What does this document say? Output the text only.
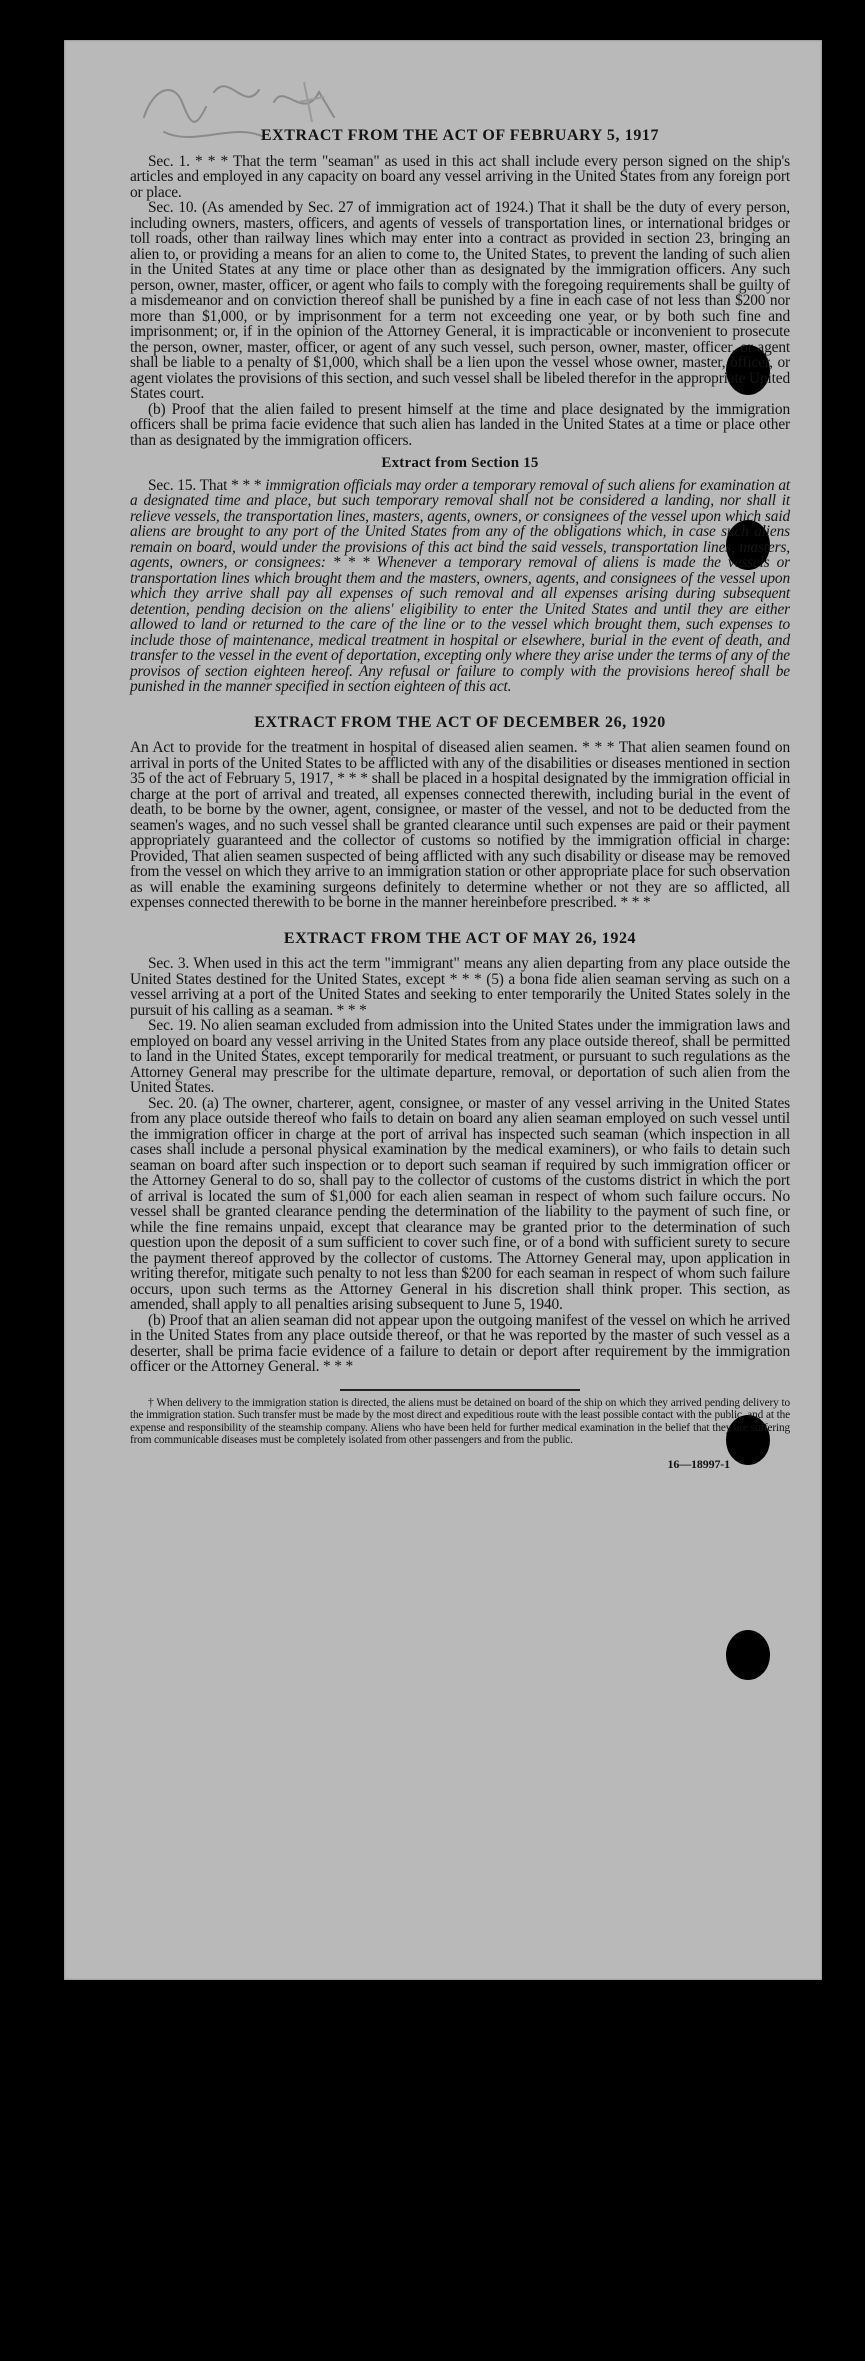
EXTRACT FROM THE ACT OF FEBRUARY 5, 1917

Sec. 1. * * * That the term "seaman" as used in this act shall include every person signed on the ship's articles and employed in any capacity on board any vessel arriving in the United States from any foreign port or place.

Sec. 10. (As amended by Sec. 27 of immigration act of 1924.) That it shall be the duty of every person, including owners, masters, officers, and agents of vessels of transportation lines, or international bridges or toll roads, other than railway lines which may enter into a contract as provided in section 23, bringing an alien to, or providing a means for an alien to come to, the United States, to prevent the landing of such alien in the United States at any time or place other than as designated by the immigration officers. Any such person, owner, master, officer, or agent who fails to comply with the foregoing requirements shall be guilty of a misdemeanor and on conviction thereof shall be punished by a fine in each case of not less than $200 nor more than $1,000, or by imprisonment for a term not exceeding one year, or by both such fine and imprisonment; or, if in the opinion of the Attorney General, it is impracticable or inconvenient to prosecute the person, owner, master, officer, or agent of any such vessel, such person, owner, master, officer, or agent shall be liable to a penalty of $1,000, which shall be a lien upon the vessel whose owner, master, officer, or agent violates the provisions of this section, and such vessel shall be libeled therefor in the appropriate United States court.

(b) Proof that the alien failed to present himself at the time and place designated by the immigration officers shall be prima facie evidence that such alien has landed in the United States at a time or place other than as designated by the immigration officers.

Extract from Section 15

Sec. 15. That * * * immigration officials may order a temporary removal of such aliens for examination at a designated time and place, but such temporary removal shall not be considered a landing, nor shall it relieve vessels, the transportation lines, masters, agents, owners, or consignees of the vessel upon which said aliens are brought to any port of the United States from any of the obligations which, in case such aliens remain on board, would under the provisions of this act bind the said vessels, transportation lines, masters, agents, owners, or consignees: * * * Whenever a temporary removal of aliens is made the vessels or transportation lines which brought them and the masters, owners, agents, and consignees of the vessel upon which they arrive shall pay all expenses of such removal and all expenses arising during subsequent detention, pending decision on the aliens' eligibility to enter the United States and until they are either allowed to land or returned to the care of the line or to the vessel which brought them, such expenses to include those of maintenance, medical treatment in hospital or elsewhere, burial in the event of death, and transfer to the vessel in the event of deportation, excepting only where they arise under the terms of any of the provisos of section eighteen hereof. Any refusal or failure to comply with the provisions hereof shall be punished in the manner specified in section eighteen of this act.

EXTRACT FROM THE ACT OF DECEMBER 26, 1920

An Act to provide for the treatment in hospital of diseased alien seamen. * * * That alien seamen found on arrival in ports of the United States to be afflicted with any of the disabilities or diseases mentioned in section 35 of the act of February 5, 1917, * * * shall be placed in a hospital designated by the immigration official in charge at the port of arrival and treated, all expenses connected therewith, including burial in the event of death, to be borne by the owner, agent, consignee, or master of the vessel, and not to be deducted from the seamen's wages, and no such vessel shall be granted clearance until such expenses are paid or their payment appropriately guaranteed and the collector of customs so notified by the immigration official in charge: Provided, That alien seamen suspected of being afflicted with any such disability or disease may be removed from the vessel on which they arrive to an immigration station or other appropriate place for such observation as will enable the examining surgeons definitely to determine whether or not they are so afflicted, all expenses connected therewith to be borne in the manner hereinbefore prescribed. * * *

EXTRACT FROM THE ACT OF MAY 26, 1924

Sec. 3. When used in this act the term "immigrant" means any alien departing from any place outside the United States destined for the United States, except * * * (5) a bona fide alien seaman serving as such on a vessel arriving at a port of the United States and seeking to enter temporarily the United States solely in the pursuit of his calling as a seaman. * * *

Sec. 19. No alien seaman excluded from admission into the United States under the immigration laws and employed on board any vessel arriving in the United States from any place outside thereof, shall be permitted to land in the United States, except temporarily for medical treatment, or pursuant to such regulations as the Attorney General may prescribe for the ultimate departure, removal, or deportation of such alien from the United States.

Sec. 20. (a) The owner, charterer, agent, consignee, or master of any vessel arriving in the United States from any place outside thereof who fails to detain on board any alien seaman employed on such vessel until the immigration officer in charge at the port of arrival has inspected such seaman (which inspection in all cases shall include a personal physical examination by the medical examiners), or who fails to detain such seaman on board after such inspection or to deport such seaman if required by such immigration officer or the Attorney General to do so, shall pay to the collector of customs of the customs district in which the port of arrival is located the sum of $1,000 for each alien seaman in respect of whom such failure occurs. No vessel shall be granted clearance pending the determination of the liability to the payment of such fine, or while the fine remains unpaid, except that clearance may be granted prior to the determination of such question upon the deposit of a sum sufficient to cover such fine, or of a bond with sufficient surety to secure the payment thereof approved by the collector of customs. The Attorney General may, upon application in writing therefor, mitigate such penalty to not less than $200 for each seaman in respect of whom such failure occurs, upon such terms as the Attorney General in his discretion shall think proper. This section, as amended, shall apply to all penalties arising subsequent to June 5, 1940.

(b) Proof that an alien seaman did not appear upon the outgoing manifest of the vessel on which he arrived in the United States from any place outside thereof, or that he was reported by the master of such vessel as a deserter, shall be prima facie evidence of a failure to detain or deport after requirement by the immigration officer or the Attorney General. * * *

† When delivery to the immigration station is directed, the aliens must be detained on board of the ship on which they arrived pending delivery to the immigration station. Such transfer must be made by the most direct and expeditious route with the least possible contact with the public, and at the expense and responsibility of the steamship company. Aliens who have been held for further medical examination in the belief that they are suffering from communicable diseases must be completely isolated from other passengers and from the public.
16—18997-1
